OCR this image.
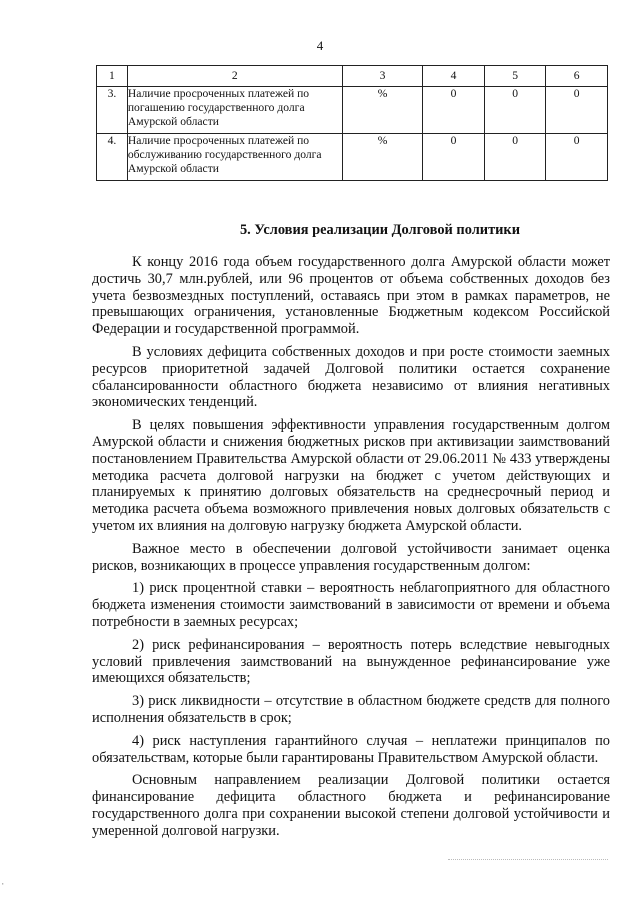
4
1	2	3	4	5	6
3.	Наличие просроченных платежей по погашению государственного долга Амурской области	%	0	0	0
4.	Наличие просроченных платежей по обслуживанию государственного долга Амурской области	%	0	0	0
5. Условия реализации Долговой политики

К концу 2016 года объем государственного долга Амурской области может достичь 30,7 млн.рублей, или 96 процентов от объема собственных доходов без учета безвозмездных поступлений, оставаясь при этом в рамках параметров, не превышающих ограничения, установленные Бюджетным кодексом Российской Федерации и государственной программой.

В условиях дефицита собственных доходов и при росте стоимости заемных ресурсов приоритетной задачей Долговой политики остается сохранение сбалансированности областного бюджета независимо от влияния негативных экономических тенденций.

В целях повышения эффективности управления государственным долгом Амурской области и снижения бюджетных рисков при активизации заимствований постановлением Правительства Амурской области от 29.06.2011 № 433 утверждены методика расчета долговой нагрузки на бюджет с учетом действующих и планируемых к принятию долговых обязательств на среднесрочный период и методика расчета объема возможного привлечения новых долговых обязательств с учетом их влияния на долговую нагрузку бюджета Амурской области.

Важное место в обеспечении долговой устойчивости занимает оценка рисков, возникающих в процессе управления государственным долгом:

1) риск процентной ставки – вероятность неблагоприятного для областного бюджета изменения стоимости заимствований в зависимости от времени и объема потребности в заемных ресурсах;

2) риск рефинансирования – вероятность потерь вследствие невыгодных условий привлечения заимствований на вынужденное рефинансирование уже имеющихся обязательств;

3) риск ликвидности – отсутствие в областном бюджете средств для полного исполнения обязательств в срок;

4) риск наступления гарантийного случая – неплатежи принципалов по обязательствам, которые были гарантированы Правительством Амурской области.

Основным направлением реализации Долговой политики остается финансирование дефицита областного бюджета и рефинансирование государственного долга при сохранении высокой степени долговой устойчивости и умеренной долговой нагрузки.

·
